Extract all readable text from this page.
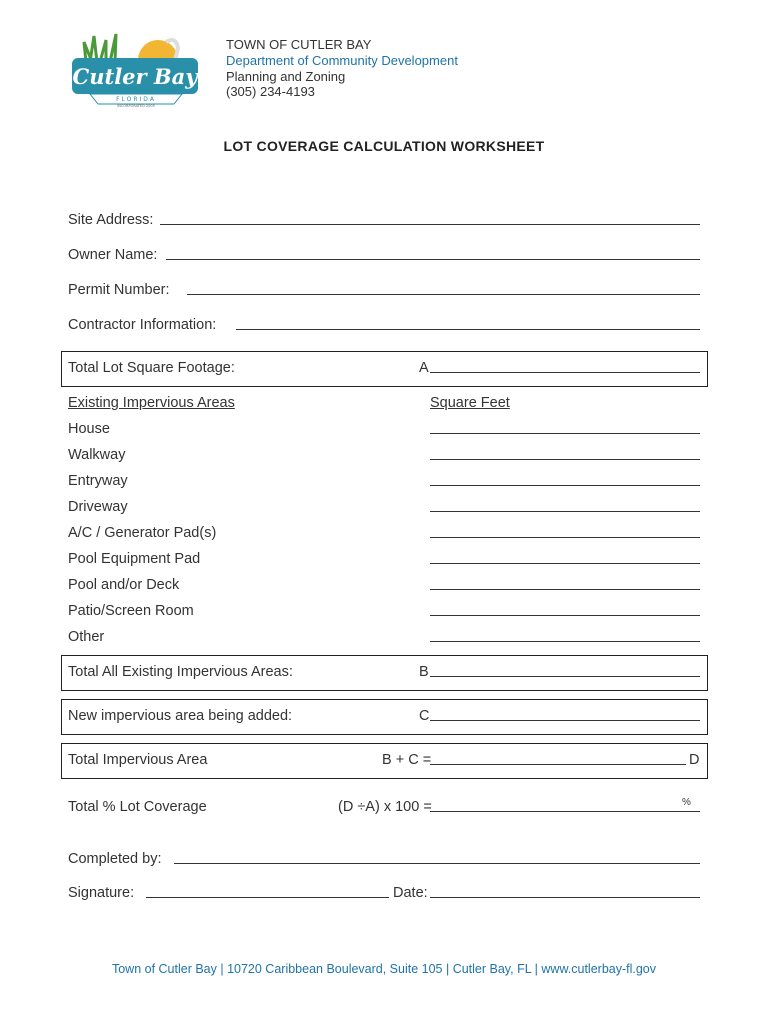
Cutler Bay
FLORIDA
INCORPORATED 2005
TOWN OF CUTLER BAY
Department of Community Development
Planning and Zoning
(305) 234-4193
LOT COVERAGE CALCULATION WORKSHEET
Site Address:
Owner Name:
Permit Number:
Contractor Information:
Total Lot Square Footage:	A
Existing Impervious Areas	Square Feet
House
Walkway
Entryway
Driveway
A/C / Generator Pad(s)
Pool Equipment Pad
Pool and/or Deck
Patio/Screen Room
Other
Total All Existing Impervious Areas:	B
New impervious area being added:	C
Total Impervious Area	B + C =	D
Total % Lot Coverage	(D ÷A) x 100 =	%
Completed by:
Signature:	Date:
Town of Cutler Bay | 10720 Caribbean Boulevard, Suite 105 | Cutler Bay, FL | www.cutlerbay-fl.gov
